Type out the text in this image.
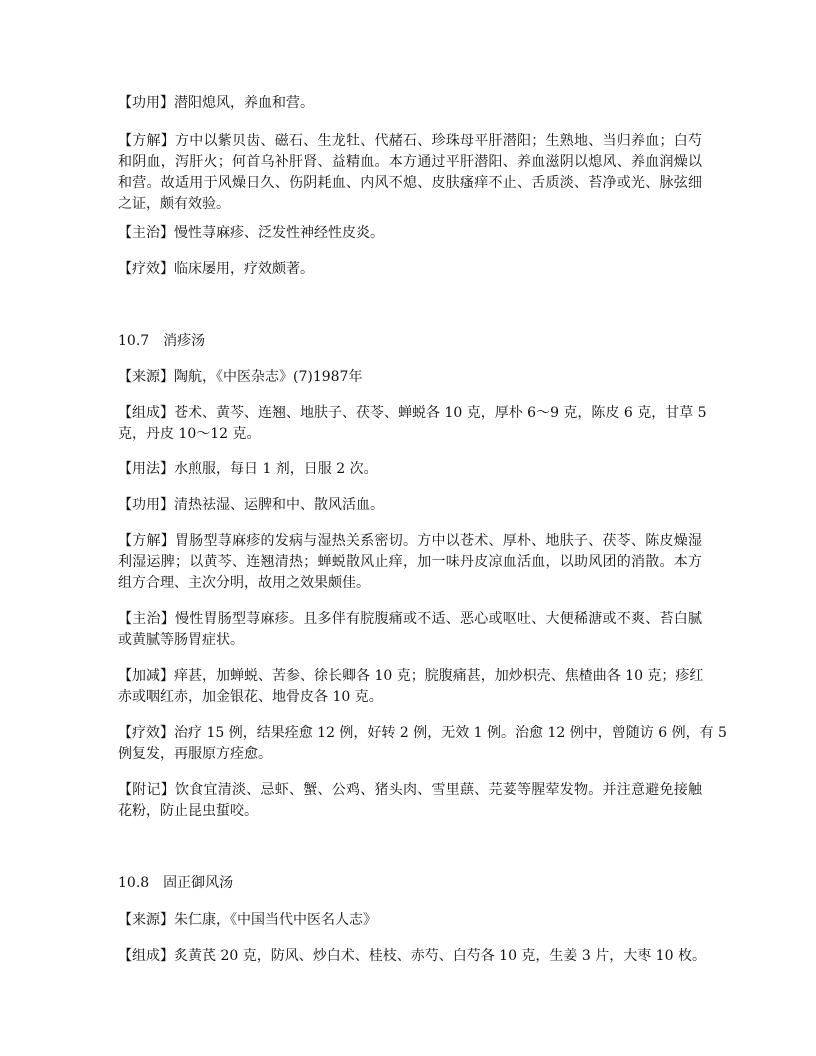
【功用】潜阳熄风，养血和营。
【方解】方中以紫贝齿、磁石、生龙牡、代赭石、珍珠母平肝潜阳；生熟地、当归养血；白芍
和阴血，泻肝火；何首乌补肝肾、益精血。本方通过平肝潜阳、养血滋阴以熄风、养血润燥以
和营。故适用于风燥日久、伤阴耗血、内风不熄、皮肤瘙痒不止、舌质淡、苔净或光、脉弦细
之证，颇有效验。
【主治】慢性荨麻疹、泛发性神经性皮炎。
【疗效】临床屡用，疗效颇著。
10.7　消疹汤
【来源】陶航，《中医杂志》(7)1987年
【组成】苍术、黄芩、连翘、地肤子、茯苓、蝉蜕各 10 克，厚朴 6～9 克，陈皮 6 克，甘草 5
克，丹皮 10～12 克。
【用法】水煎服，每日 1 剂，日服 2 次。
【功用】清热祛湿、运脾和中、散风活血。
【方解】胃肠型荨麻疹的发病与湿热关系密切。方中以苍术、厚朴、地肤子、茯苓、陈皮燥湿
利湿运脾；以黄芩、连翘清热；蝉蜕散风止痒，加一味丹皮凉血活血，以助风团的消散。本方
组方合理、主次分明，故用之效果颇佳。
【主治】慢性胃肠型荨麻疹。且多伴有脘腹痛或不适、恶心或呕吐、大便稀溏或不爽、苔白腻
或黄腻等肠胃症状。
【加减】痒甚，加蝉蜕、苦参、徐长卿各 10 克；脘腹痛甚，加炒枳壳、焦楂曲各 10 克；疹红
赤或咽红赤，加金银花、地骨皮各 10 克。
【疗效】治疗 15 例，结果痊愈 12 例，好转 2 例，无效 1 例。治愈 12 例中，曾随访 6 例，有 5
例复发，再服原方痊愈。
【附记】饮食宜清淡、忌虾、蟹、公鸡、猪头肉、雪里蕻、芫荽等腥荤发物。并注意避免接触
花粉，防止昆虫蜇咬。
10.8　固正御风汤
【来源】朱仁康，《中国当代中医名人志》
【组成】炙黄芪 20 克，防风、炒白术、桂枝、赤芍、白芍各 10 克，生姜 3 片，大枣 10 枚。
